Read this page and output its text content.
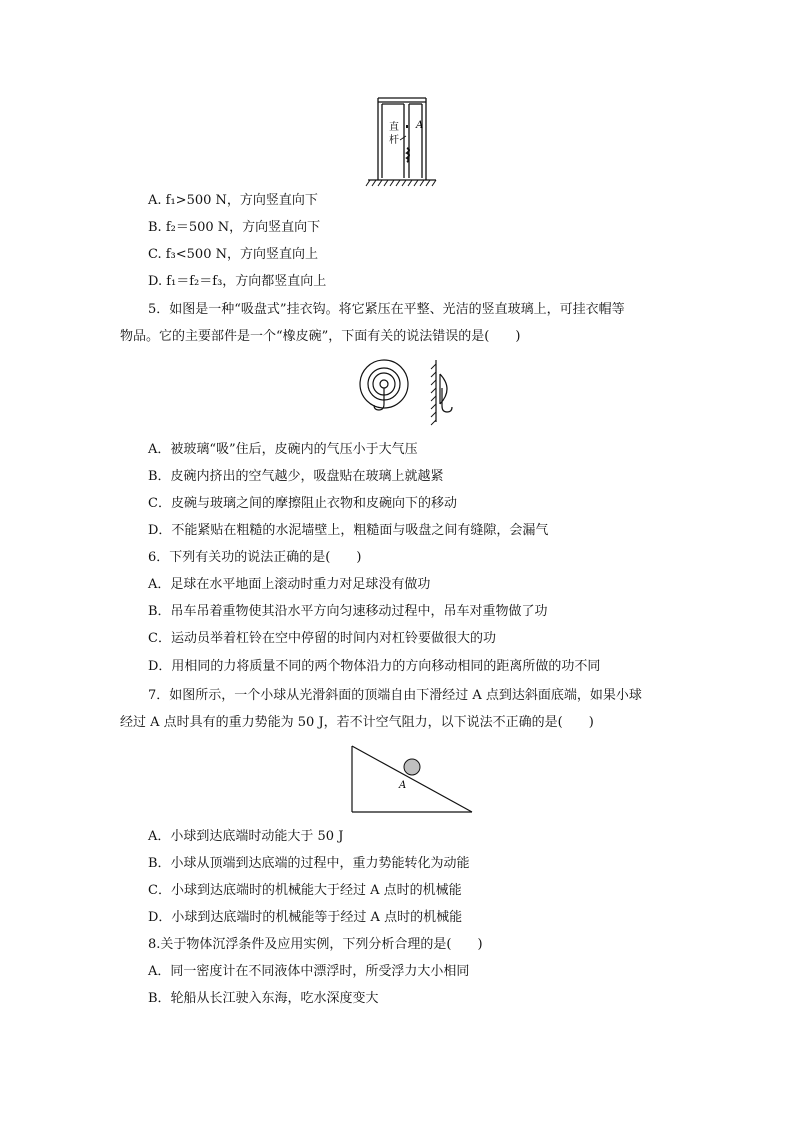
直
杆
A
A. f₁>500 N，方向竖直向下
B. f₂＝500 N，方向竖直向下
C. f₃<500 N，方向竖直向上
D. f₁＝f₂＝f₃，方向都竖直向上
5．如图是一种“吸盘式”挂衣钩。将它紧压在平整、光洁的竖直玻璃上，可挂衣帽等
物品。它的主要部件是一个“橡皮碗”，下面有关的说法错误的是(　　)
A．被玻璃“吸”住后，皮碗内的气压小于大气压
B．皮碗内挤出的空气越少，吸盘贴在玻璃上就越紧
C．皮碗与玻璃之间的摩擦阻止衣物和皮碗向下的移动
D．不能紧贴在粗糙的水泥墙壁上，粗糙面与吸盘之间有缝隙，会漏气
6．下列有关功的说法正确的是(　　)
A．足球在水平地面上滚动时重力对足球没有做功
B．吊车吊着重物使其沿水平方向匀速移动过程中，吊车对重物做了功
C．运动员举着杠铃在空中停留的时间内对杠铃要做很大的功
D．用相同的力将质量不同的两个物体沿力的方向移动相同的距离所做的功不同
7．如图所示，一个小球从光滑斜面的顶端自由下滑经过 A 点到达斜面底端，如果小球
经过 A 点时具有的重力势能为 50 J，若不计空气阻力，以下说法不正确的是(　　)
A
A．小球到达底端时动能大于 50 J
B．小球从顶端到达底端的过程中，重力势能转化为动能
C．小球到达底端时的机械能大于经过 A 点时的机械能
D．小球到达底端时的机械能等于经过 A 点时的机械能
8.关于物体沉浮条件及应用实例，下列分析合理的是(　　)
A．同一密度计在不同液体中漂浮时，所受浮力大小相同
B．轮船从长江驶入东海，吃水深度变大
